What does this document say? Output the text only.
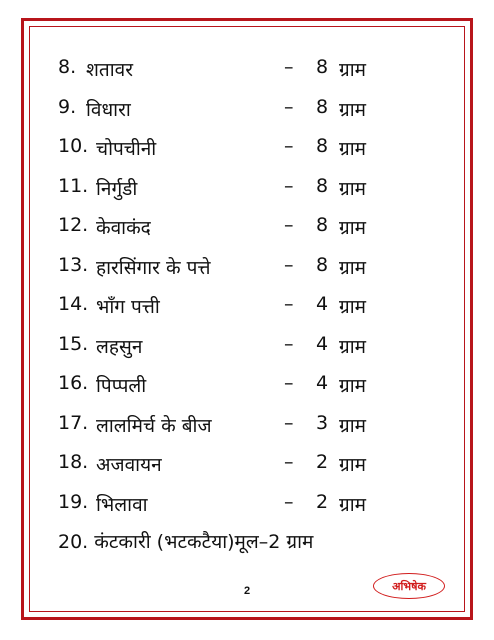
8. शतावर	– 8 ग्राम
9. विधारा	– 8 ग्राम
10. चोपचीनी	– 8 ग्राम
11. निर्गुडी	– 8 ग्राम
12. केवाकंद	– 8 ग्राम
13. हारसिंगार के पत्ते	– 8 ग्राम
14. भाँग पत्ती	– 4 ग्राम
15. लहसुन	– 4 ग्राम
16. पिप्पली	– 4 ग्राम
17. लालमिर्च के बीज	– 3 ग्राम
18. अजवायन	– 2 ग्राम
19. भिलावा	– 2 ग्राम
20. कंटकारी (भटकटैया)मूल–2 ग्राम
2	अभिषेक
